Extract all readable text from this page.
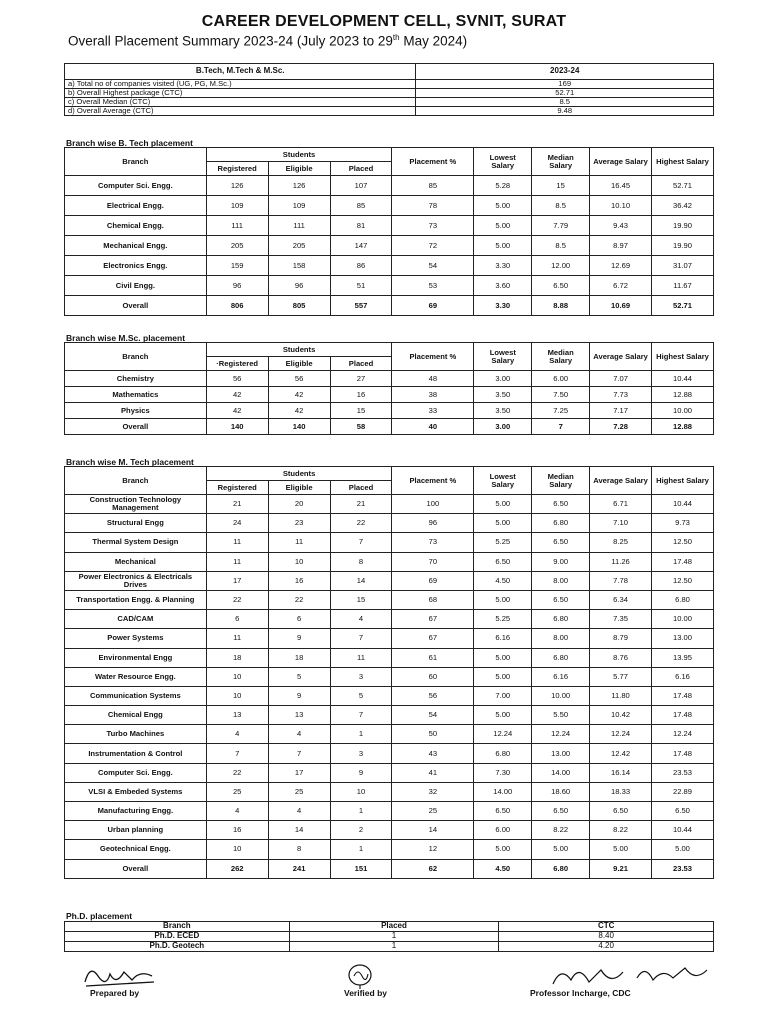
CAREER DEVELOPMENT CELL, SVNIT, SURAT
Overall Placement Summary 2023-24 (July 2023 to 29th May 2024)
B.Tech, M.Tech & M.Sc.	2023-24
a) Total no of companies visited (UG, PG, M.Sc.)	169
b) Overall Highest package (CTC)	52.71
c) Overall Median (CTC)	8.5
d) Overall Average (CTC)	9.48
Branch wise B. Tech placement
Branch	Students			Placement %	Lowest Salary	Median Salary	Average Salary	Highest Salary
	Registered	Eligible	Placed					
Computer Sci. Engg.	126	126	107	85	5.28	15	16.45	52.71
Electrical Engg.	109	109	85	78	5.00	8.5	10.10	36.42
Chemical Engg.	111	111	81	73	5.00	7.79	9.43	19.90
Mechanical Engg.	205	205	147	72	5.00	8.5	8.97	19.90
Electronics Engg.	159	158	86	54	3.30	12.00	12.69	31.07
Civil Engg.	96	96	51	53	3.60	6.50	6.72	11.67
Overall	806	805	557	69	3.30	8.88	10.69	52.71
Branch wise M.Sc. placement
Branch	Students			Placement %	Lowest Salary	Median Salary	Average Salary	Highest Salary
	·Registered	Eligible	Placed					
Chemistry	56	56	27	48	3.00	6.00	7.07	10.44
Mathematics	42	42	16	38	3.50	7.50	7.73	12.88
Physics	42	42	15	33	3.50	7.25	7.17	10.00
Overall	140	140	58	40	3.00	7	7.28	12.88
Branch wise M. Tech placement
Branch	Students			Placement %	Lowest Salary	Median Salary	Average Salary	Highest Salary
	Registered	Eligible	Placed					
Construction Technology Management	21	20	21	100	5.00	6.50	6.71	10.44
Structural Engg	24	23	22	96	5.00	6.80	7.10	9.73
Thermal System Design	11	11	7	73	5.25	6.50	8.25	12.50
Mechanical	11	10	8	70	6.50	9.00	11.26	17.48
Power Electronics & Electricals Drives	17	16	14	69	4.50	8.00	7.78	12.50
Transportation Engg. & Planning	22	22	15	68	5.00	6.50	6.34	6.80
CAD/CAM	6	6	4	67	5.25	6.80	7.35	10.00
Power Systems	11	9	7	67	6.16	8.00	8.79	13.00
Environmental Engg	18	18	11	61	5.00	6.80	8.76	13.95
Water Resource Engg.	10	5	3	60	5.00	6.16	5.77	6.16
Communication Systems	10	9	5	56	7.00	10.00	11.80	17.48
Chemical Engg	13	13	7	54	5.00	5.50	10.42	17.48
Turbo Machines	4	4	1	50	12.24	12.24	12.24	12.24
Instrumentation & Control	7	7	3	43	6.80	13.00	12.42	17.48
Computer Sci. Engg.	22	17	9	41	7.30	14.00	16.14	23.53
VLSI & Embeded Systems	25	25	10	32	14.00	18.60	18.33	22.89
Manufacturing Engg.	4	4	1	25	6.50	6.50	6.50	6.50
Urban planning	16	14	2	14	6.00	8.22	8.22	10.44
Geotechnical Engg.	10	8	1	12	5.00	5.00	5.00	5.00
Overall	262	241	151	62	4.50	6.80	9.21	23.53
Ph.D. placement
Branch	Placed	CTC
Ph.D. ECED	1	8.40
Ph.D. Geotech	1	4.20
Prepared by	Verified by	Professor Incharge, CDC
